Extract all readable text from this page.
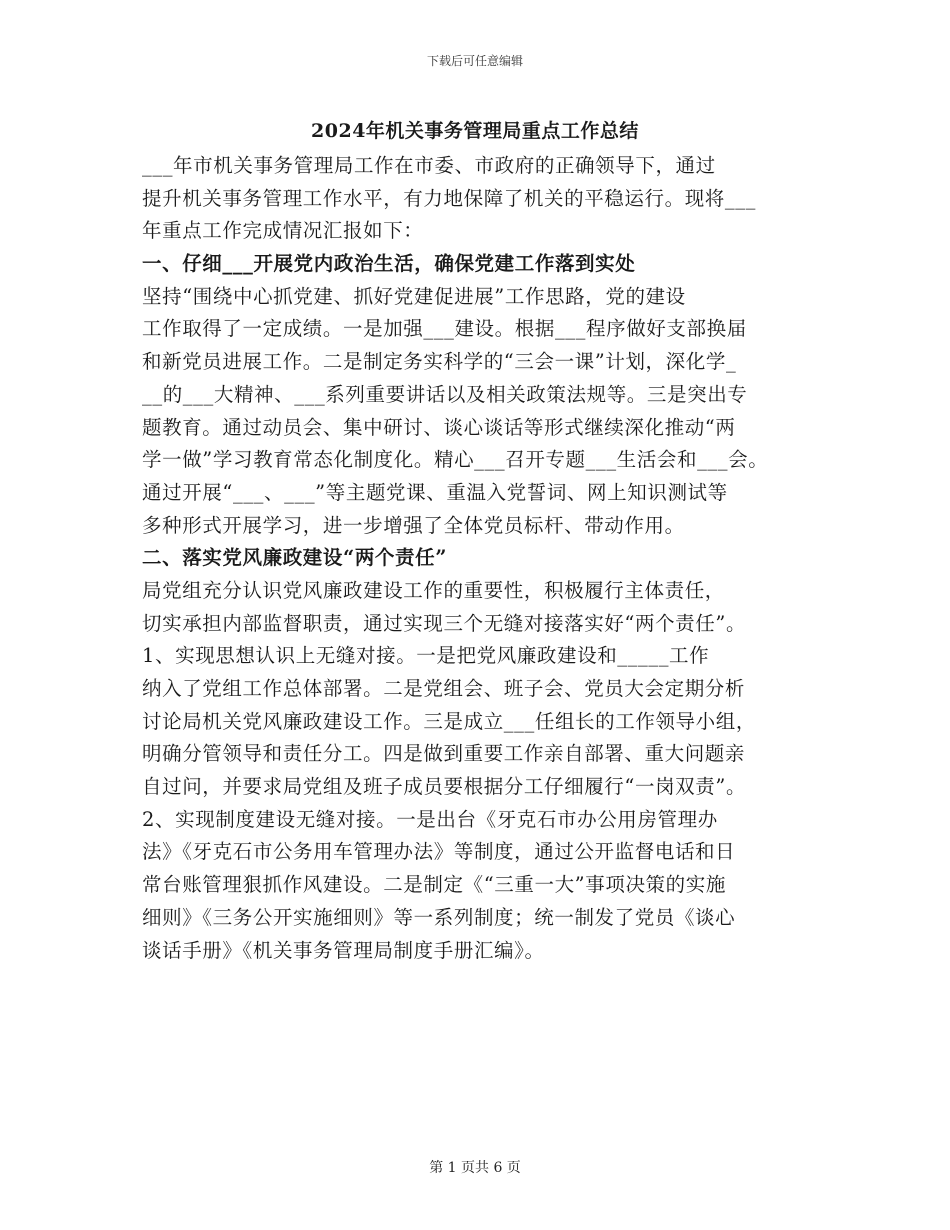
下载后可任意编辑
2024年机关事务管理局重点工作总结
___年市机关事务管理局工作在市委、市政府的正确领导下，通过
提升机关事务管理工作水平，有力地保障了机关的平稳运行。现将___
年重点工作完成情况汇报如下：
一、仔细___开展党内政治生活，确保党建工作落到实处
坚持“围绕中心抓党建、抓好党建促进展”工作思路，党的建设
工作取得了一定成绩。一是加强___建设。根据___程序做好支部换届
和新党员进展工作。二是制定务实科学的“三会一课”计划，深化学_
__的___大精神、___系列重要讲话以及相关政策法规等。三是突出专
题教育。通过动员会、集中研讨、谈心谈话等形式继续深化推动“两
学一做”学习教育常态化制度化。精心___召开专题___生活会和___会。
通过开展“___、___”等主题党课、重温入党誓词、网上知识测试等
多种形式开展学习，进一步增强了全体党员标杆、带动作用。
二、落实党风廉政建设“两个责任”
局党组充分认识党风廉政建设工作的重要性，积极履行主体责任，
切实承担内部监督职责，通过实现三个无缝对接落实好“两个责任”。
1、实现思想认识上无缝对接。一是把党风廉政建设和_____工作
纳入了党组工作总体部署。二是党组会、班子会、党员大会定期分析
讨论局机关党风廉政建设工作。三是成立___任组长的工作领导小组，
明确分管领导和责任分工。四是做到重要工作亲自部署、重大问题亲
自过问，并要求局党组及班子成员要根据分工仔细履行“一岗双责”。
2、实现制度建设无缝对接。一是出台《牙克石市办公用房管理办
法》《牙克石市公务用车管理办法》等制度，通过公开监督电话和日
常台账管理狠抓作风建设。二是制定《“三重一大”事项决策的实施
细则》《三务公开实施细则》等一系列制度；统一制发了党员《谈心
谈话手册》《机关事务管理局制度手册汇编》。
第 1 页共 6 页
